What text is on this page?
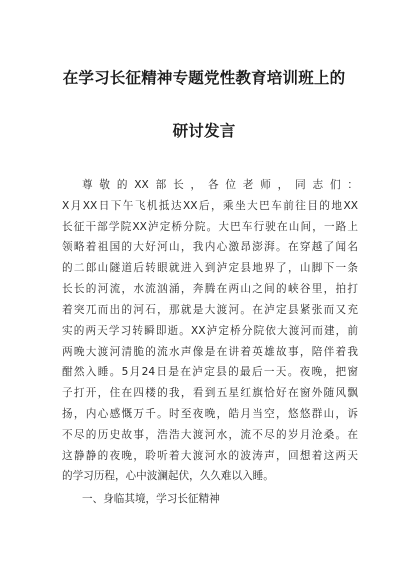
在学习长征精神专题党性教育培训班上的
研讨发言
尊敬的XX部长，各位老师，同志们：
X月XX日下午飞机抵达XX后，乘坐大巴车前往目的地XX
长征干部学院XX泸定桥分院。大巴车行驶在山间，一路上
领略着祖国的大好河山，我内心激昂澎湃。在穿越了闻名
的二郎山隧道后转眼就进入到泸定县地界了，山脚下一条
长长的河流，水流汹涌，奔腾在两山之间的峡谷里，拍打
着突兀而出的河石，那就是大渡河。在泸定县紧张而又充
实的两天学习转瞬即逝。XX泸定桥分院依大渡河而建，前
两晚大渡河清脆的流水声像是在讲着英雄故事，陪伴着我
酣然入睡。5月24日是在泸定县的最后一天。夜晚，把窗
子打开，住在四楼的我，看到五星红旗恰好在窗外随风飘
扬，内心感慨万千。时至夜晚，皓月当空，悠悠群山，诉
不尽的历史故事，浩浩大渡河水，流不尽的岁月沧桑。在
这静静的夜晚，聆听着大渡河水的波涛声，回想着这两天
的学习历程，心中波澜起伏，久久难以入睡。
一、身临其境，学习长征精神
